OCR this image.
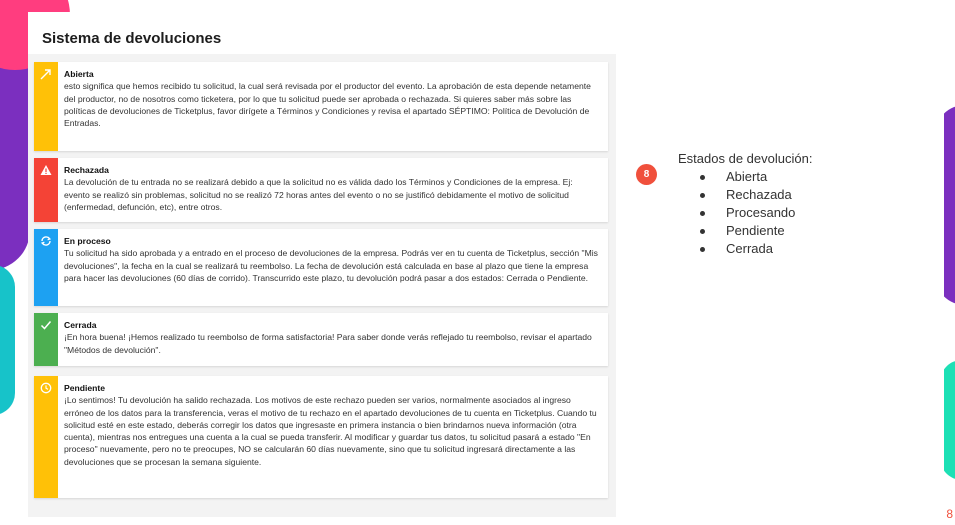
Sistema de devoluciones
Abierta
esto significa que hemos recibido tu solicitud, la cual será revisada por el productor del evento. La aprobación de esta depende netamente del productor, no de nosotros como ticketera, por lo que tu solicitud puede ser aprobada o rechazada. Si quieres saber más sobre las políticas de devoluciones de Ticketplus, favor dirígete a Términos y Condiciones y revisa el apartado SÉPTIMO: Política de Devolución de Entradas.
Rechazada
La devolución de tu entrada no se realizará debido a que la solicitud no es válida dado los Términos y Condiciones de la empresa. Ej: evento se realizó sin problemas, solicitud no se realizó 72 horas antes del evento o no se justificó debidamente el motivo de solicitud (enfermedad, defunción, etc), entre otros.
En proceso
Tu solicitud ha sido aprobada y a entrado en el proceso de devoluciones de la empresa. Podrás ver en tu cuenta de Ticketplus, sección "Mis devoluciones", la fecha en la cual se realizará tu reembolso. La fecha de devolución está calculada en base al plazo que tiene la empresa para hacer las devoluciones (60 días de corrido). Transcurrido este plazo, tu devolución podrá pasar a dos estados: Cerrada o Pendiente.
Cerrada
¡En hora buena! ¡Hemos realizado tu reembolso de forma satisfactoria! Para saber donde verás reflejado tu reembolso, revisar el apartado "Métodos de devolución".
Pendiente
¡Lo sentimos! Tu devolución ha salido rechazada. Los motivos de este rechazo pueden ser varios, normalmente asociados al ingreso erróneo de los datos para la transferencia, veras el motivo de tu rechazo en el apartado devoluciones de tu cuenta en Ticketplus. Cuando tu solicitud esté en este estado, deberás corregir los datos que ingresaste en primera instancia o bien brindarnos nueva información (otra cuenta), mientras nos entregues una cuenta a la cual se pueda transferir. Al modificar y guardar tus datos, tu solicitud pasará a estado "En proceso" nuevamente, pero no te preocupes, NO se calcularán 60 días nuevamente, sino que tu solicitud ingresará directamente a las devoluciones que se procesan la semana siguiente.
8
Estados de devolución:
Abierta
Rechazada
Procesando
Pendiente
Cerrada
8
